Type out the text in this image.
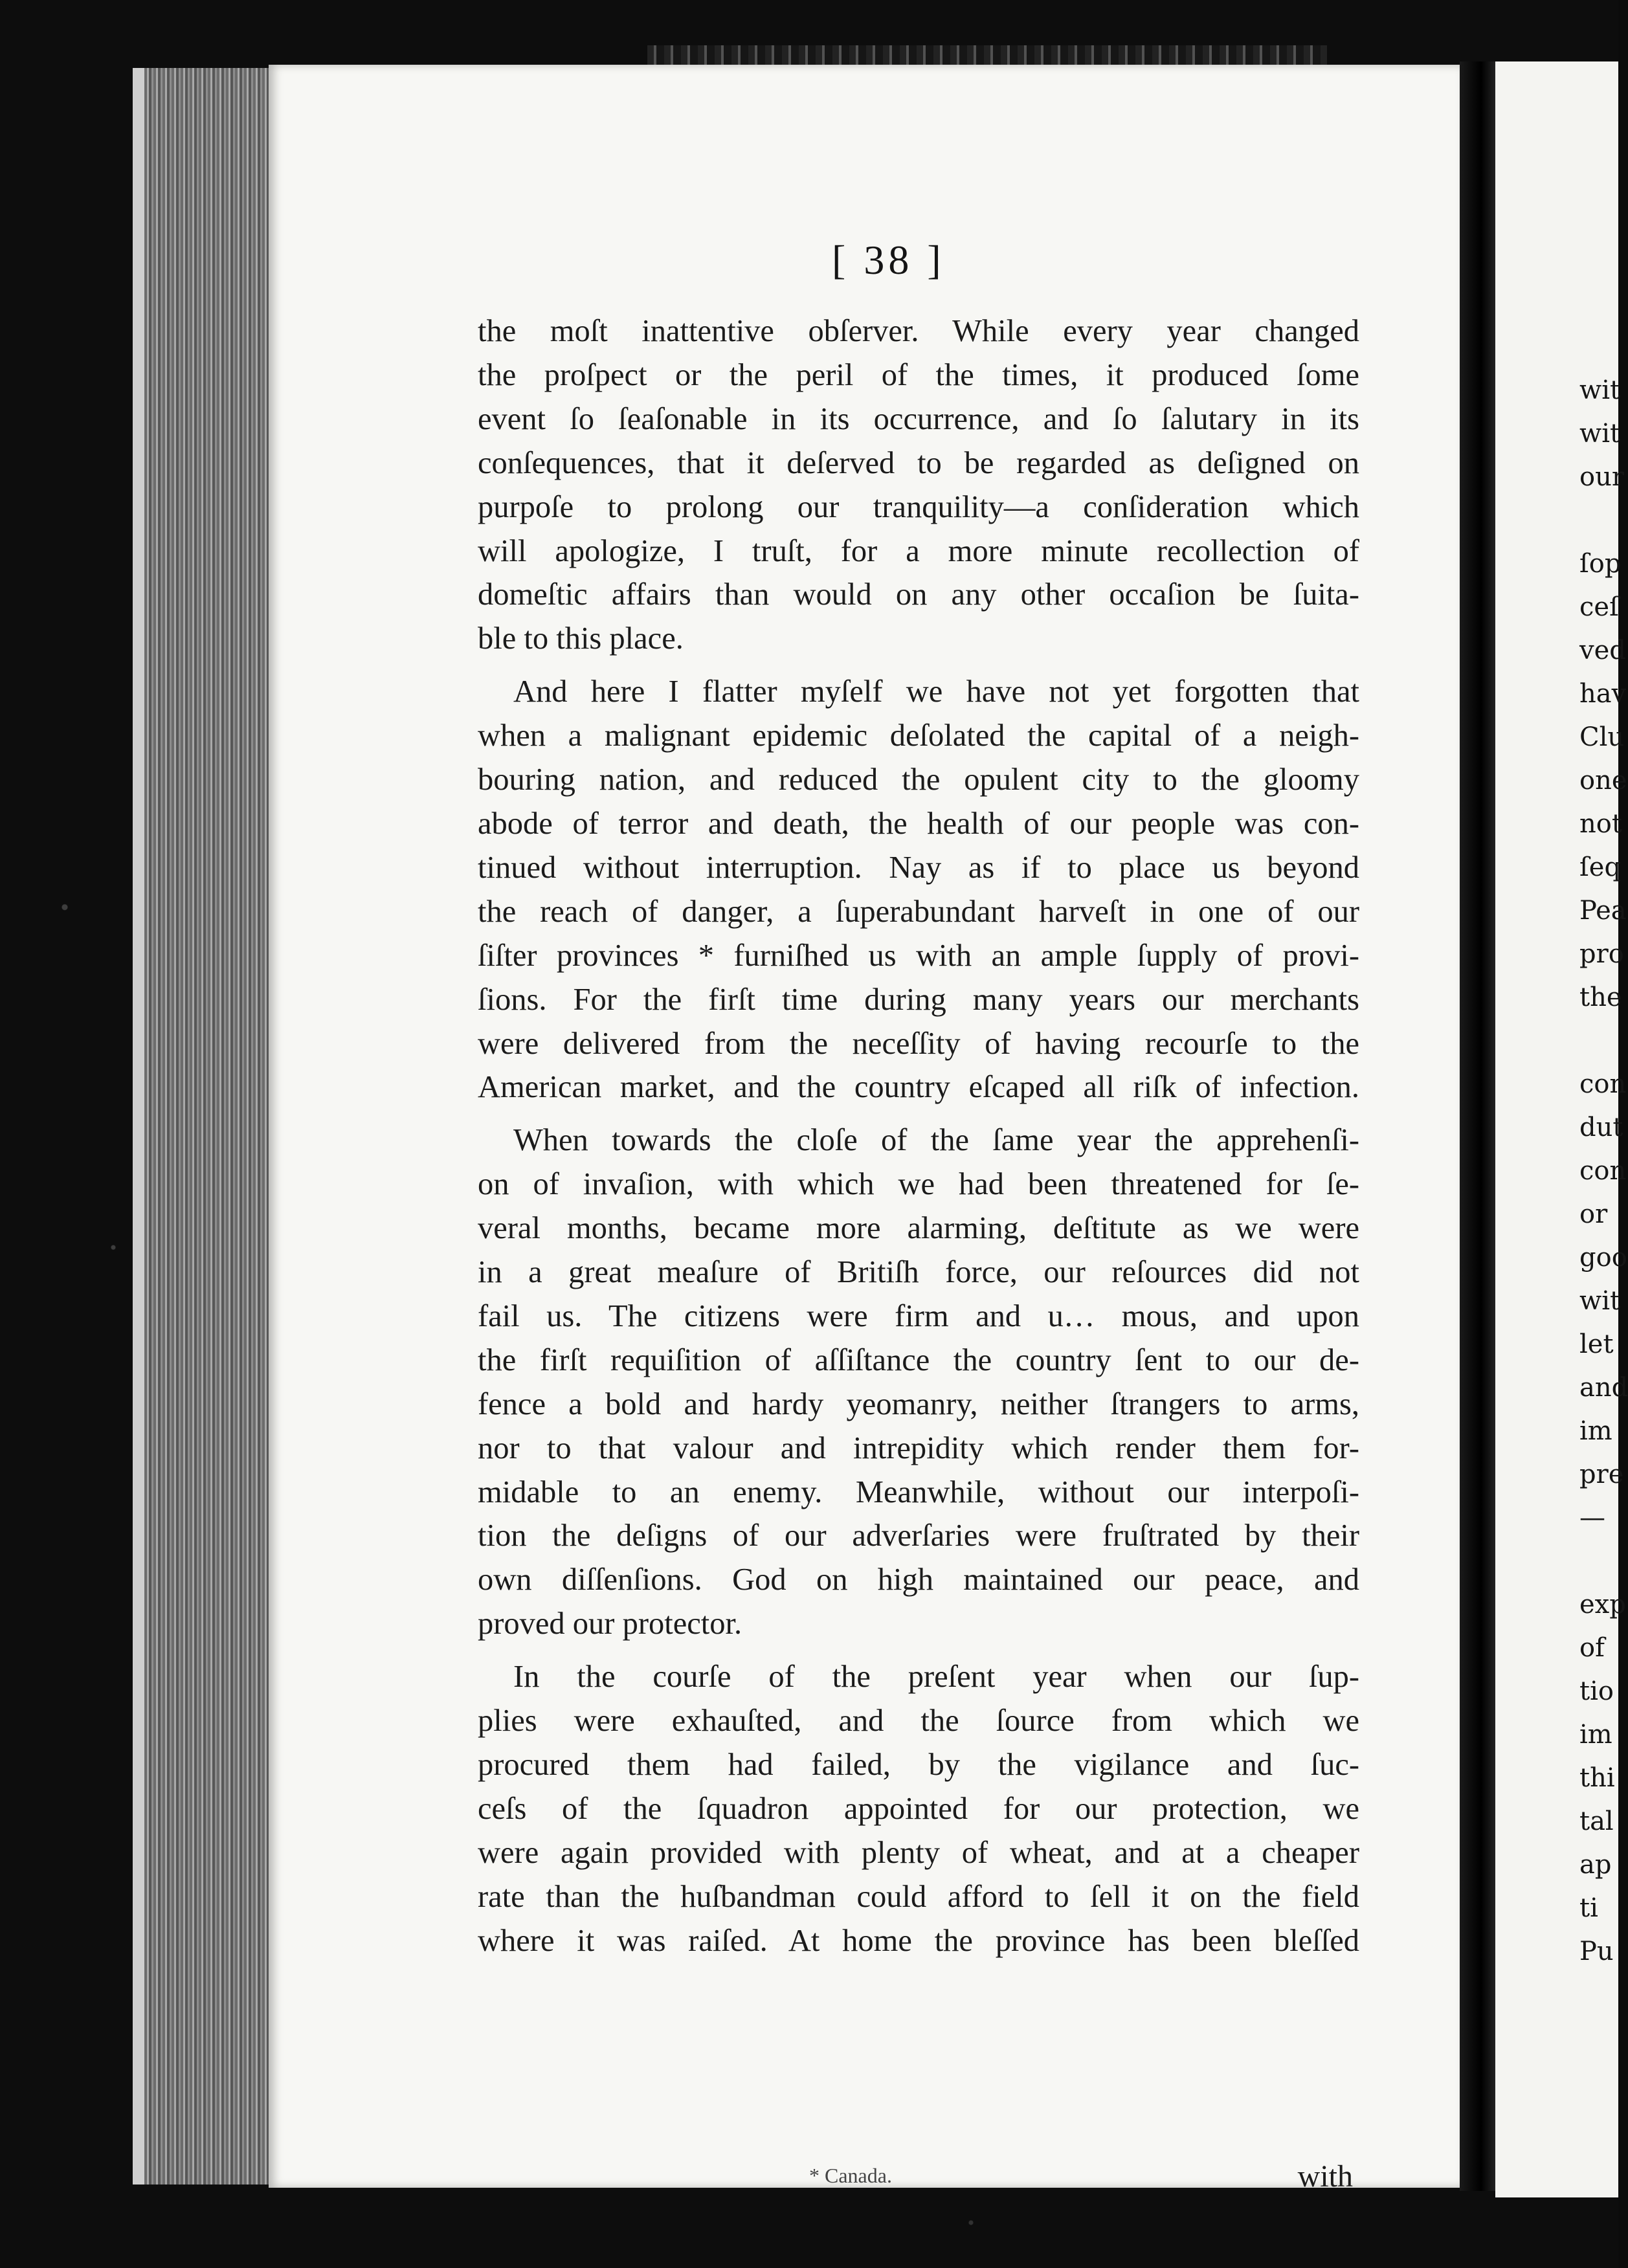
[ 38 ]
the moſt inattentive obſerver. While every year changed
the proſpect or the peril of the times, it produced ſome
event ſo ſeaſonable in its occurrence, and ſo ſalutary in its
conſequences, that it deſerved to be regarded as deſigned on
purpoſe to prolong our tranquility—a conſideration which
will apologize, I truſt, for a more minute recollection of
domeſtic affairs than would on any other occaſion be ſuita-
ble to this place.
And here I flatter myſelf we have not yet forgotten that
when a malignant epidemic deſolated the capital of a neigh-
bouring nation, and reduced the opulent city to the gloomy
abode of terror and death, the health of our people was con-
tinued without interruption. Nay as if to place us beyond
the reach of danger, a ſuperabundant harveſt in one of our
ſiſter provinces * furniſhed us with an ample ſupply of provi-
ſions. For the firſt time during many years our merchants
were delivered from the neceſſity of having recourſe to the
American market, and the country eſcaped all riſk of infection.
When towards the cloſe of the ſame year the apprehenſi-
on of invaſion, with which we had been threatened for ſe-
veral months, became more alarming, deſtitute as we were
in a great meaſure of Britiſh force, our reſources did not
fail us. The citizens were firm and u… mous, and upon
the firſt requiſition of aſſiſtance the country ſent to our de-
fence a bold and hardy yeomanry, neither ſtrangers to arms,
nor to that valour and intrepidity which render them for-
midable to an enemy. Meanwhile, without our interpoſi-
tion the deſigns of our adverſaries were fruſtrated by their
own diſſenſions. God on high maintained our peace, and
proved our protector.
In the courſe of the preſent year when our ſup-
plies were exhauſted, and the ſource from which we
procured them had failed, by the vigilance and ſuc-
ceſs of the ſquadron appointed for our protection, we
were again provided with plenty of wheat, and at a cheaper
rate than the huſbandman could afford to ſell it on the field
where it was raiſed. At home the province has been bleſſed
* Canada.	with

wit

wit

our

ſop

ceſ

ved

hav

Clu

one

not

ſeq

Pea

pro

the

con

dut

con

or

goo

wit

let

and

im

pre

—

exp

of

tio

im

thi

tal

ap

ti

Pu
